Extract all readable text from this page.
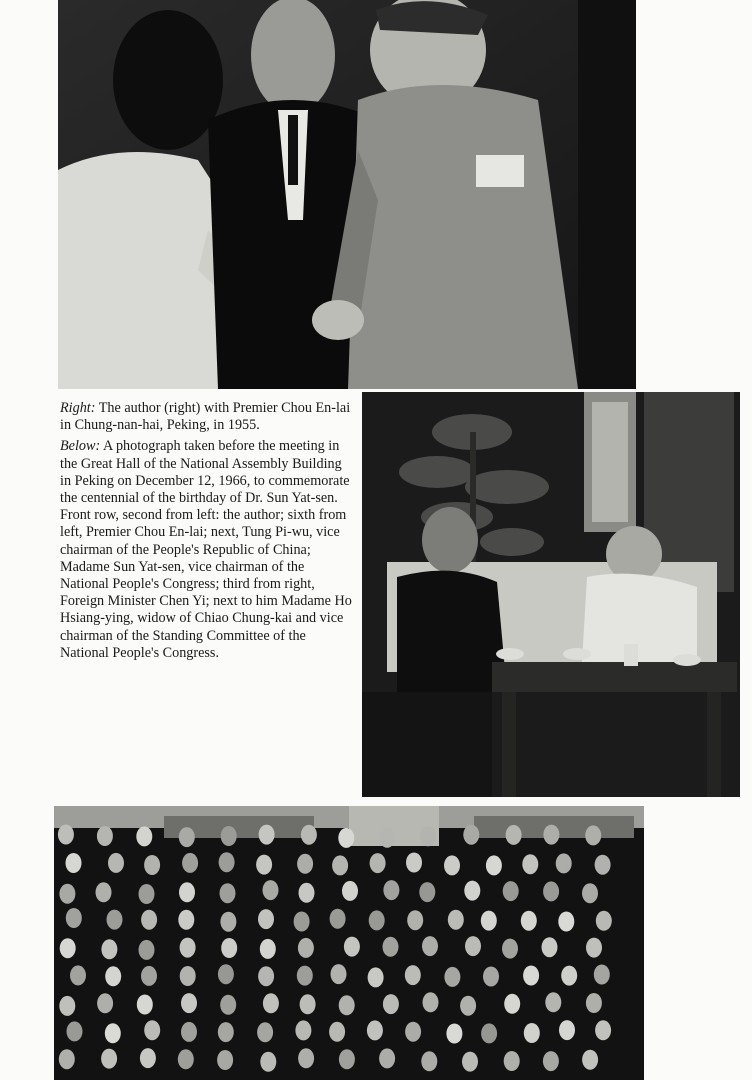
Right: The author (right) with Premier Chou En-lai in Chung-nan-hai, Peking, in 1955.

Below: A photograph taken before the meeting in the Great Hall of the National Assembly Building in Peking on December 12, 1966, to commemorate the centennial of the birthday of Dr. Sun Yat-sen. Front row, second from left: the author; sixth from left, Premier Chou En-lai; next, Tung Pi-wu, vice chairman of the People's Republic of China; Madame Sun Yat-sen, vice chairman of the National People's Congress; third from right, Foreign Minister Chen Yi; next to him Madame Ho Hsiang-ying, widow of Chiao Chung-kai and vice chairman of the Standing Committee of the National People's Congress.
